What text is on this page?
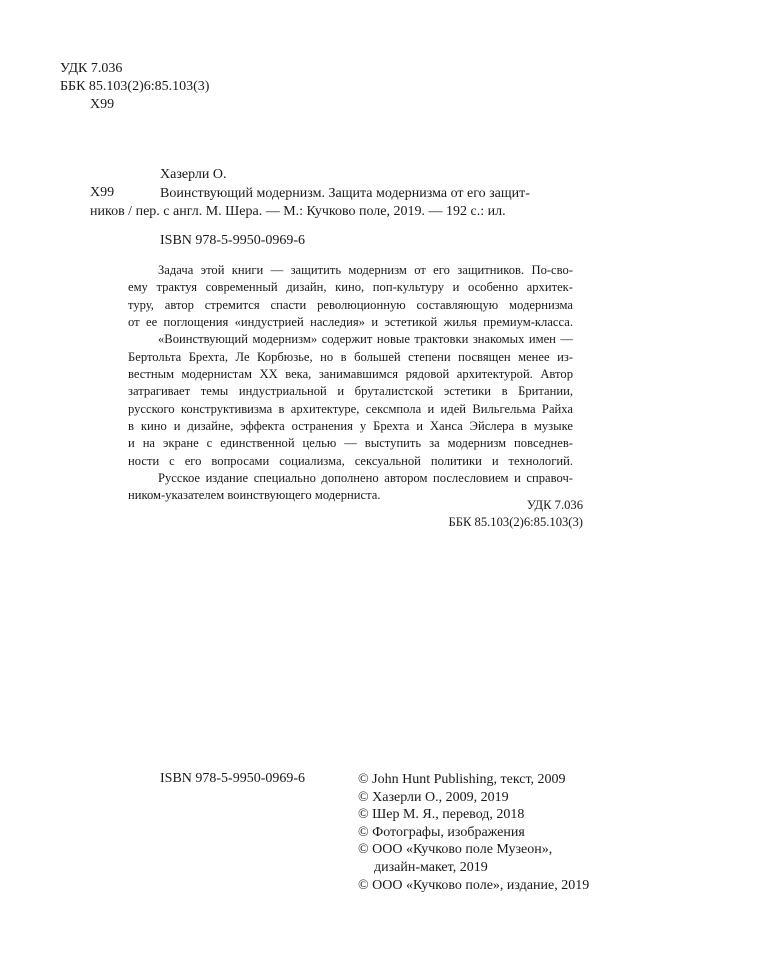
УДК 7.036
ББК 85.103(2)6:85.103(3)
Х99
Хазерли О.
Х99	Воинствующий модернизм. Защита модернизма от его защит-
ников / пер. с англ. М. Шера. — М.: Кучково поле, 2019. — 192 с.: ил.
ISBN 978-5-9950-0969-6
Задача этой книги — защитить модернизм от его защитников. По-сво-
ему трактуя современный дизайн, кино, поп-культуру и особенно архитек-
туру, автор стремится спасти революционную составляющую модернизма
от ее поглощения «индустрией наследия» и эстетикой жилья премиум-класса.
«Воинствующий модернизм» содержит новые трактовки знакомых имен —
Бертольта Брехта, Ле Корбюзье, но в большей степени посвящен менее из-
вестным модернистам XX века, занимавшимся рядовой архитектурой. Автор
затрагивает темы индустриальной и бруталистской эстетики в Британии,
русского конструктивизма в архитектуре, сексмпола и идей Вильгельма Райха
в кино и дизайне, эффекта остранения у Брехта и Ханса Эйслера в музыке
и на экране с единственной целью — выступить за модернизм повседнев-
ности с его вопросами социализма, сексуальной политики и технологий.
Русское издание специально дополнено автором послесловием и справоч-
ником-указателем воинствующего модерниста.
УДК 7.036
ББК 85.103(2)6:85.103(3)
ISBN 978-5-9950-0969-6	© John Hunt Publishing, текст, 2009
© Хазерли О., 2009, 2019
© Шер М. Я., перевод, 2018
© Фотографы, изображения
© ООО «Кучково поле Музеон»,
дизайн-макет, 2019
© ООО «Кучково поле», издание, 2019
